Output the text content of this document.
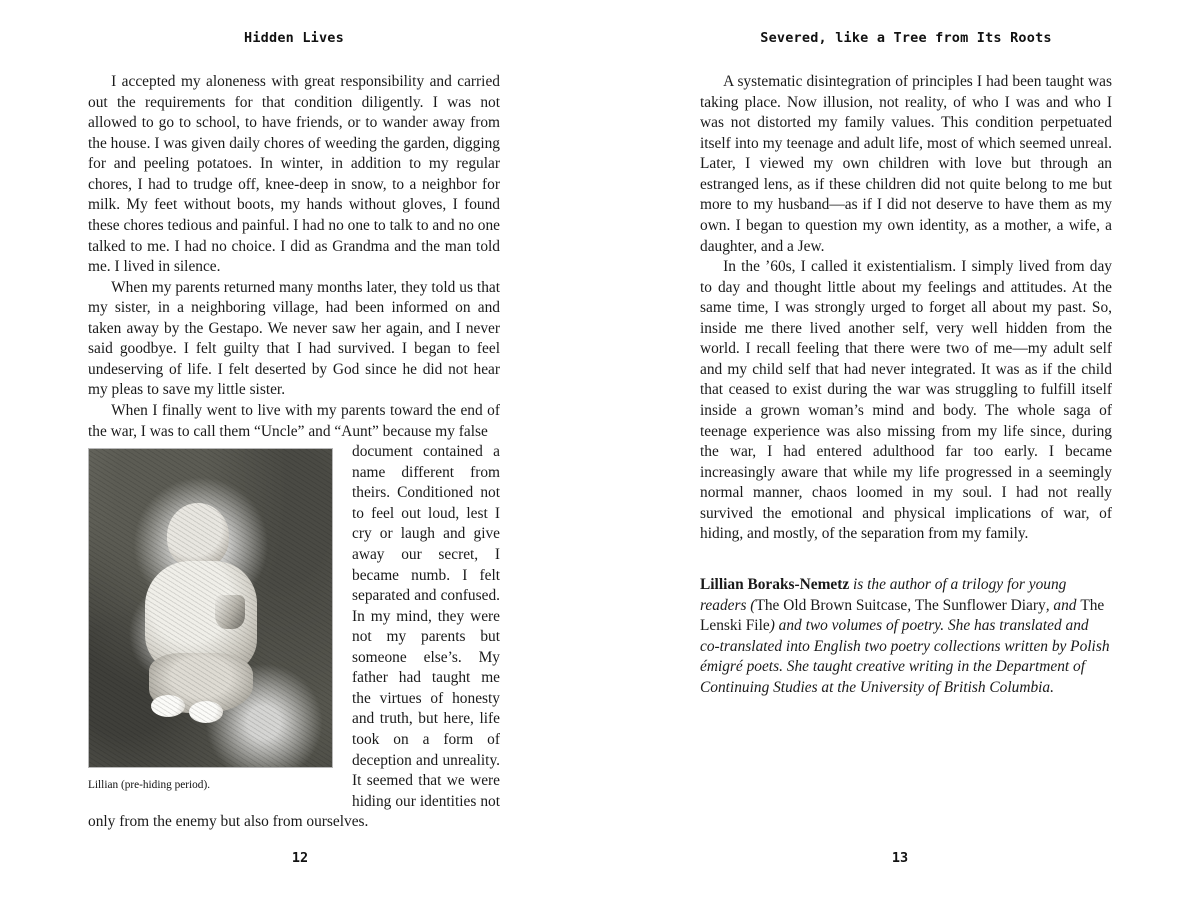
Hidden Lives

I accepted my aloneness with great responsibility and carried out the requirements for that condition diligently. I was not allowed to go to school, to have friends, or to wander away from the house. I was given daily chores of weeding the garden, digging for and peeling potatoes. In winter, in addition to my regular chores, I had to trudge off, knee-deep in snow, to a neighbor for milk. My feet without boots, my hands without gloves, I found these chores tedious and painful. I had no one to talk to and no one talked to me. I had no choice. I did as Grandma and the man told me. I lived in silence.

When my parents returned many months later, they told us that my sister, in a neighboring village, had been informed on and taken away by the Gestapo. We never saw her again, and I never said goodbye. I felt guilty that I had survived. I began to feel undeserving of life. I felt deserted by God since he did not hear my pleas to save my little sister.

When I finally went to live with my parents toward the end of the war, I was to call them “Uncle” and “Aunt” because my false

Lillian (pre-hiding period).
document contained a name different from theirs. Conditioned not to feel out loud, lest I cry or laugh and give away our secret, I became numb. I felt separated and confused. In my mind, they were not my parents but someone else’s. My father had taught me the virtues of honesty and truth, but here, life took on a form of deception and unreality. It seemed that we were hiding our identities not only from the enemy but also from ourselves.
12
Severed, like a Tree from Its Roots

A systematic disintegration of principles I had been taught was taking place. Now illusion, not reality, of who I was and who I was not distorted my family values. This condition perpetuated itself into my teenage and adult life, most of which seemed unreal. Later, I viewed my own children with love but through an estranged lens, as if these children did not quite belong to me but more to my husband—as if I did not deserve to have them as my own. I began to question my own identity, as a mother, a wife, a daughter, and a Jew.

In the ’60s, I called it existentialism. I simply lived from day to day and thought little about my feelings and attitudes. At the same time, I was strongly urged to forget all about my past. So, inside me there lived another self, very well hidden from the world. I recall feeling that there were two of me—my adult self and my child self that had never integrated. It was as if the child that ceased to exist during the war was struggling to fulfill itself inside a grown woman’s mind and body. The whole saga of teenage experience was also missing from my life since, during the war, I had entered adulthood far too early. I became increasingly aware that while my life progressed in a seemingly normal manner, chaos loomed in my soul. I had not really survived the emotional and physical implications of war, of hiding, and mostly, of the separation from my family.

Lillian Boraks-Nemetz is the author of a trilogy for young readers (The Old Brown Suitcase, The Sunflower Diary, and The Lenski File) and two volumes of poetry. She has translated and co-translated into English two poetry collections written by Polish émigré poets. She taught creative writing in the Department of Continuing Studies at the University of British Columbia.
13
